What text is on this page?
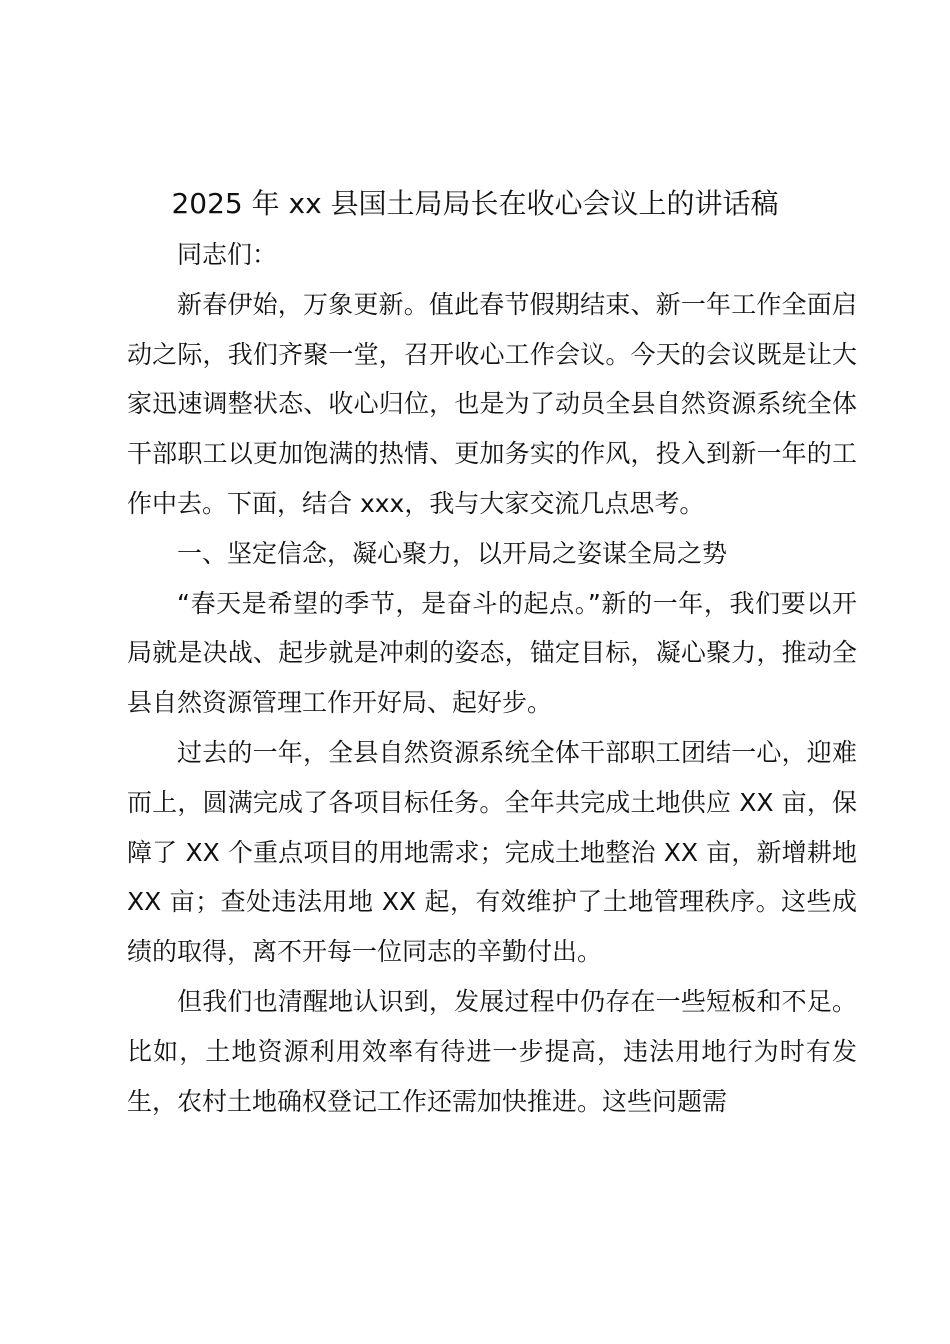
2025 年 xx 县国土局局长在收心会议上的讲话稿

同志们：

新春伊始，万象更新。值此春节假期结束、新一年工作全面启动之际，我们齐聚一堂，召开收心工作会议。今天的会议既是让大家迅速调整状态、收心归位，也是为了动员全县自然资源系统全体干部职工以更加饱满的热情、更加务实的作风，投入到新一年的工作中去。下面，结合 xxx，我与大家交流几点思考。

一、坚定信念，凝心聚力，以开局之姿谋全局之势

“春天是希望的季节，是奋斗的起点。”新的一年，我们要以开局就是决战、起步就是冲刺的姿态，锚定目标，凝心聚力，推动全县自然资源管理工作开好局、起好步。

过去的一年，全县自然资源系统全体干部职工团结一心，迎难而上，圆满完成了各项目标任务。全年共完成土地供应 XX 亩，保障了 XX 个重点项目的用地需求；完成土地整治 XX 亩，新增耕地 XX 亩；查处违法用地 XX 起，有效维护了土地管理秩序。这些成绩的取得，离不开每一位同志的辛勤付出。

但我们也清醒地认识到，发展过程中仍存在一些短板和不足。比如，土地资源利用效率有待进一步提高，违法用地行为时有发生，农村土地确权登记工作还需加快推进。这些问题需
